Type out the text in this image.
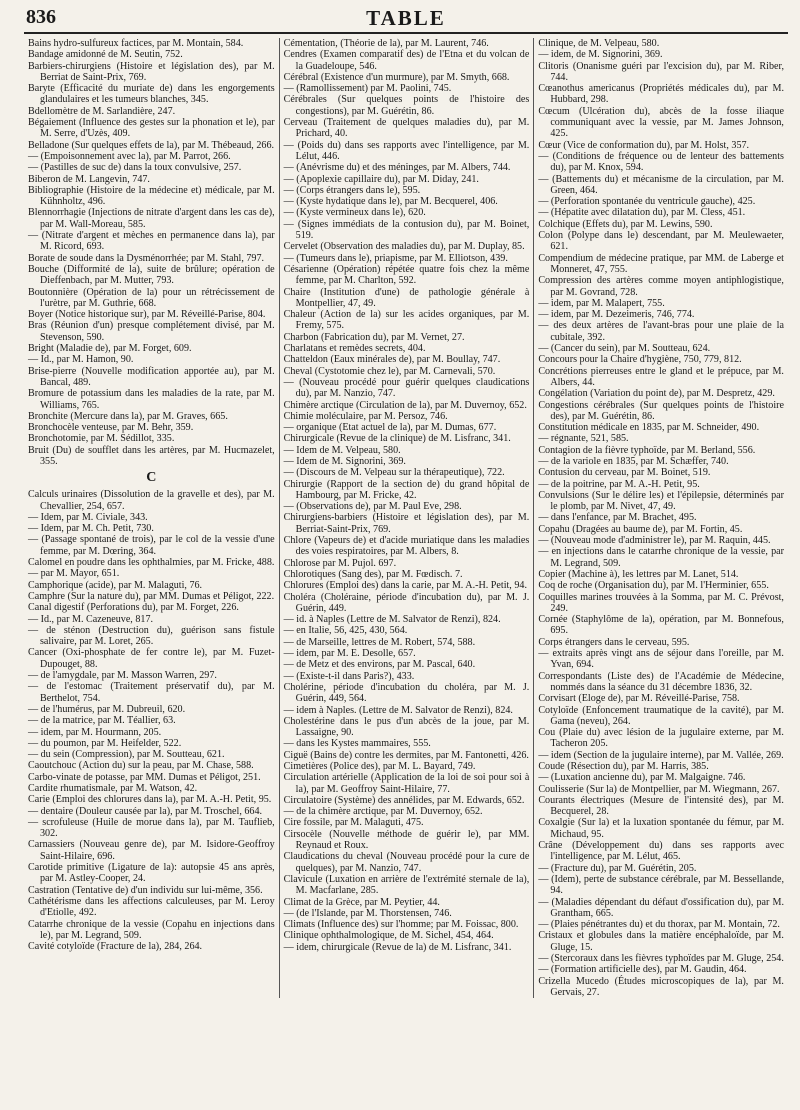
836	TABLE

Bains hydro-sulfureux factices, par M. Montain, 584.

Bandage amidonné de M. Seutin, 752.

Barbiers-chirurgiens (Histoire et législation des), par M. Berriat de Saint-Prix, 769.

Baryte (Efficacité du muriate de) dans les engorgements glandulaires et les tumeurs blanches, 345.

Bdellomètre de M. Sarlandière, 247.

Bégaiement (Influence des gestes sur la phonation et le), par M. Serre, d'Uzès, 409.

Belladone (Sur quelques effets de la), par M. Thébeaud, 266.

— (Empoisonnement avec la), par M. Parrot, 266.

— (Pastilles de suc de) dans la toux convulsive, 257.

Biberon de M. Langevin, 747.

Bibliographie (Histoire de la médecine et) médicale, par M. Kühnholtz, 496.

Blennorrhagie (Injections de nitrate d'argent dans les cas de), par M. Wall-Moreau, 585.

— (Nitrate d'argent et mèches en permanence dans la), par M. Ricord, 693.

Borate de soude dans la Dysménorrhée; par M. Stahl, 797.

Bouche (Difformité de la), suite de brûlure; opération de Dieffenbach, par M. Mutter, 793.

Boutonnière (Opération de la) pour un rétrécissement de l'urètre, par M. Guthrie, 668.

Boyer (Notice historique sur), par M. Réveillé-Parise, 804.

Bras (Réunion d'un) presque complétement divisé, par M. Stevenson, 590.

Bright (Maladie de), par M. Forget, 609.

— Id., par M. Hamon, 90.

Brise-pierre (Nouvelle modification apportée au), par M. Bancal, 489.

Bromure de potassium dans les maladies de la rate, par M. Williams, 765.

Bronchite (Mercure dans la), par M. Graves, 665.

Bronchocèle venteuse, par M. Behr, 359.

Bronchotomie, par M. Sédillot, 335.

Bruit (Du) de soufflet dans les artères, par M. Hucmazelet, 355.

C

Calculs urinaires (Dissolution de la gravelle et des), par M. Chevallier, 254, 657.

— Idem, par M. Civiale, 343.

— Idem, par M. Ch. Petit, 730.

— (Passage spontané de trois), par le col de la vessie d'une femme, par M. Dœring, 364.

Calomel en poudre dans les ophthalmies, par M. Fricke, 488.

— par M. Mayor, 651.

Camphorique (acide), par M. Malaguti, 76.

Camphre (Sur la nature du), par MM. Dumas et Péligot, 222.

Canal digestif (Perforations du), par M. Forget, 226.

— Id., par M. Cazeneuve, 817.

— de sténon (Destruction du), guérison sans fistule salivaire, par M. Loret, 265.

Cancer (Oxi-phosphate de fer contre le), par M. Fuzet-Dupouget, 88.

— de l'amygdale, par M. Masson Warren, 297.

— de l'estomac (Traitement préservatif du), par M. Berthelot, 754.

— de l'humérus, par M. Dubreuil, 620.

— de la matrice, par M. Téallier, 63.

— idem, par M. Hourmann, 205.

— du poumon, par M. Heifelder, 522.

— du sein (Compression), par M. Soutteau, 621.

Caoutchouc (Action du) sur la peau, par M. Chase, 588.

Carbo-vinate de potasse, par MM. Dumas et Péligot, 251.

Cardite rhumatismale, par M. Watson, 42.

Carie (Emploi des chlorures dans la), par M. A.-H. Petit, 95.

— dentaire (Douleur causée par la), par M. Troschel, 664.

— scrofuleuse (Huile de morue dans la), par M. Tauflieb, 302.

Carnassiers (Nouveau genre de), par M. Isidore-Geoffroy Saint-Hilaire, 696.

Carotide primitive (Ligature de la): autopsie 45 ans après, par M. Astley-Cooper, 24.

Castration (Tentative de) d'un individu sur lui-même, 356.

Cathétérisme dans les affections calculeuses, par M. Leroy d'Etiolle, 492.

Catarrhe chronique de la vessie (Copahu en injections dans le), par M. Legrand, 509.

Cavité cotyloïde (Fracture de la), 284, 264.

Cémentation, (Théorie de la), par M. Laurent, 746.

Cendres (Examen comparatif des) de l'Etna et du volcan de la Guadeloupe, 546.

Cérébral (Existence d'un murmure), par M. Smyth, 668.

— (Ramollissement) par M. Paolini, 745.

Cérébrales (Sur quelques points de l'histoire des congestions), par M. Guérétin, 86.

Cerveau (Traitement de quelques maladies du), par M. Prichard, 40.

— (Poids du) dans ses rapports avec l'intelligence, par M. Lélut, 446.

— (Anévrisme du) et des méninges, par M. Albers, 744.

— (Apoplexie capillaire du), par M. Diday, 241.

— (Corps étrangers dans le), 595.

— (Kyste hydatique dans le), par M. Becquerel, 406.

— (Kyste vermineux dans le), 620.

— (Signes immédiats de la contusion du), par M. Boinet, 519.

Cervelet (Observation des maladies du), par M. Duplay, 85.

— (Tumeurs dans le), priapisme, par M. Elliotson, 439.

Césarienne (Opération) répétée quatre fois chez la même femme, par M. Charlton, 592.

Chaire (Institution d'une) de pathologie générale à Montpellier, 47, 49.

Chaleur (Action de la) sur les acides organiques, par M. Fremy, 575.

Charbon (Fabrication du), par M. Vernet, 27.

Charlatans et remèdes secrets, 404.

Chatteldon (Eaux minérales de), par M. Boullay, 747.

Cheval (Cystotomie chez le), par M. Carnevali, 570.

— (Nouveau procédé pour guérir quelques claudications du), par M. Nanzio, 747.

Chimère arctique (Circulation de la), par M. Duvernoy, 652.

Chimie moléculaire, par M. Persoz, 746.

— organique (Etat actuel de la), par M. Dumas, 677.

Chirurgicale (Revue de la clinique) de M. Lisfranc, 341.

— Idem de M. Velpeau, 580.

— Idem de M. Signorini, 369.

— (Discours de M. Velpeau sur la thérapeutique), 722.

Chirurgie (Rapport de la section de) du grand hôpital de Hambourg, par M. Fricke, 42.

— (Observations de), par M. Paul Eve, 298.

Chirurgiens-barbiers (Histoire et législation des), par M. Berriat-Saint-Prix, 769.

Chlore (Vapeurs de) et d'acide muriatique dans les maladies des voies respiratoires, par M. Albers, 8.

Chlorose par M. Pujol. 697.

Chlorotiques (Sang des), par M. Fœdisch. 7.

Chlorures (Emploi des) dans la carie, par M. A.-H. Petit, 94.

Choléra (Choléraine, période d'incubation du), par M. J. Guérin, 449.

— id. à Naples (Lettre de M. Salvator de Renzi), 824.

— en Italie, 56, 425, 430, 564.

— de Marseille, lettres de M. Robert, 574, 588.

— idem, par M. E. Desolle, 657.

— de Metz et des environs, par M. Pascal, 640.

— (Existe-t-il dans Paris?), 433.

Cholérine, période d'incubation du choléra, par M. J. Guérin, 449, 564.

— idem à Naples. (Lettre de M. Salvator de Renzi), 824.

Cholestérine dans le pus d'un abcès de la joue, par M. Lassaigne, 90.

— dans les Kystes mammaires, 555.

Ciguë (Bains de) contre les dermites, par M. Fantonetti, 426.

Cimetières (Police des), par M. L. Bayard, 749.

Circulation artérielle (Application de la loi de soi pour soi à la), par M. Geoffroy Saint-Hilaire, 77.

Circulatoire (Système) des annélides, par M. Edwards, 652.

— de la chimère arctique, par M. Duvernoy, 652.

Cire fossile, par M. Malaguti, 475.

Cirsocèle (Nouvelle méthode de guérir le), par MM. Reynaud et Roux.

Claudications du cheval (Nouveau procédé pour la cure de quelques), par M. Nanzio, 747.

Clavicule (Luxation en arrière de l'extrémité sternale de la), M. Macfarlane, 285.

Climat de la Grèce, par M. Peytier, 44.

— (de l'Islande, par M. Thorstensen, 746.

Climats (Influence des) sur l'homme; par M. Foissac, 800.

Clinique ophthalmologique, de M. Sichel, 454, 464.

— idem, chirurgicale (Revue de la) de M. Lisfranc, 341.

Clinique, de M. Velpeau, 580.

— idem, de M. Signorini, 369.

Clitoris (Onanisme guéri par l'excision du), par M. Riber, 744.

Cœanothus americanus (Propriétés médicales du), par M. Hubbard, 298.

Cœcum (Ulcération du), abcès de la fosse iliaque communiquant avec la vessie, par M. James Johnson, 425.

Cœur (Vice de conformation du), par M. Holst, 357.

— (Conditions de fréquence ou de lenteur des battements du), par M. Knox, 594.

— (Battements du) et mécanisme de la circulation, par M. Green, 464.

— (Perforation spontanée du ventricule gauche), 425.

— (Hépatite avec dilatation du), par M. Cless, 451.

Colchique (Effets du), par M. Lewins, 590.

Colon (Polype dans le) descendant, par M. Meulewaeter, 621.

Compendium de médecine pratique, par MM. de Laberge et Monneret, 47, 755.

Compression des artères comme moyen antiphlogistique, par M. Govrand, 728.

— idem, par M. Malapert, 755.

— idem, par M. Dezeimeris, 746, 774.

— des deux artères de l'avant-bras pour une plaie de la cubitale, 392.

— (Cancer du sein), par M. Soutteau, 624.

Concours pour la Chaire d'hygiène, 750, 779, 812.

Concrétions pierreuses entre le gland et le prépuce, par M. Albers, 44.

Congélation (Variation du point de), par M. Despretz, 429.

Congestions cérébrales (Sur quelques points de l'histoire des), par M. Guérétin, 86.

Constitution médicale en 1835, par M. Schneider, 490.

— régnante, 521, 585.

Contagion de la fièvre typhoïde, par M. Berland, 556.

— de la variole en 1835, par M. Schæffer, 740.

Contusion du cerveau, par M. Boinet, 519.

— de la poitrine, par M. A.-H. Petit, 95.

Convulsions (Sur le délire les) et l'épilepsie, déterminés par le plomb, par M. Nivet, 47, 49.

— dans l'enfance, par M. Brachet, 495.

Copahu (Dragées au baume de), par M. Fortin, 45.

— (Nouveau mode d'administrer le), par M. Raquin, 445.

— en injections dans le catarrhe chronique de la vessie, par M. Legrand, 509.

Copier (Machine à), les lettres par M. Lanet, 514.

Coq de roche (Organisation du), par M. l'Herminier, 655.

Coquilles marines trouvées à la Somma, par M. C. Prévost, 249.

Cornée (Staphylôme de la), opération, par M. Bonnefous, 695.

Corps étrangers dans le cerveau, 595.

— extraits après vingt ans de séjour dans l'oreille, par M. Yvan, 694.

Correspondants (Liste des) de l'Académie de Médecine, nommés dans la séance du 31 décembre 1836, 32.

Corvisart (Eloge de), par M. Réveillé-Parise, 758.

Cotyloïde (Enfoncement traumatique de la cavité), par M. Gama (neveu), 264.

Cou (Plaie du) avec lésion de la jugulaire externe, par M. Tacheron 205.

— idem (Section de la jugulaire interne), par M. Vallée, 269.

Coude (Résection du), par M. Harris, 385.

— (Luxation ancienne du), par M. Malgaigne. 746.

Coulisserie (Sur la) de Montpellier, par M. Wiegmann, 267.

Courants électriques (Mesure de l'intensité des), par M. Becquerel, 28.

Coxalgie (Sur la) et la luxation spontanée du fémur, par M. Michaud, 95.

Crâne (Développement du) dans ses rapports avec l'intelligence, par M. Lélut, 465.

— (Fracture du), par M. Guérétin, 205.

— (Idem), perte de substance cérébrale, par M. Bessellande, 94.

— (Maladies dépendant du défaut d'ossification du), par M. Grantham, 665.

— (Plaies pénétrantes du) et du thorax, par M. Montain, 72.

Cristaux et globules dans la matière encéphaloïde, par M. Gluge, 15.

— (Stercoraux dans les fièvres typhoïdes par M. Gluge, 254.

— (Formation artificielle des), par M. Gaudin, 464.

Crizella Mucedo (Études microscopiques de la), par M. Gervais, 27.
